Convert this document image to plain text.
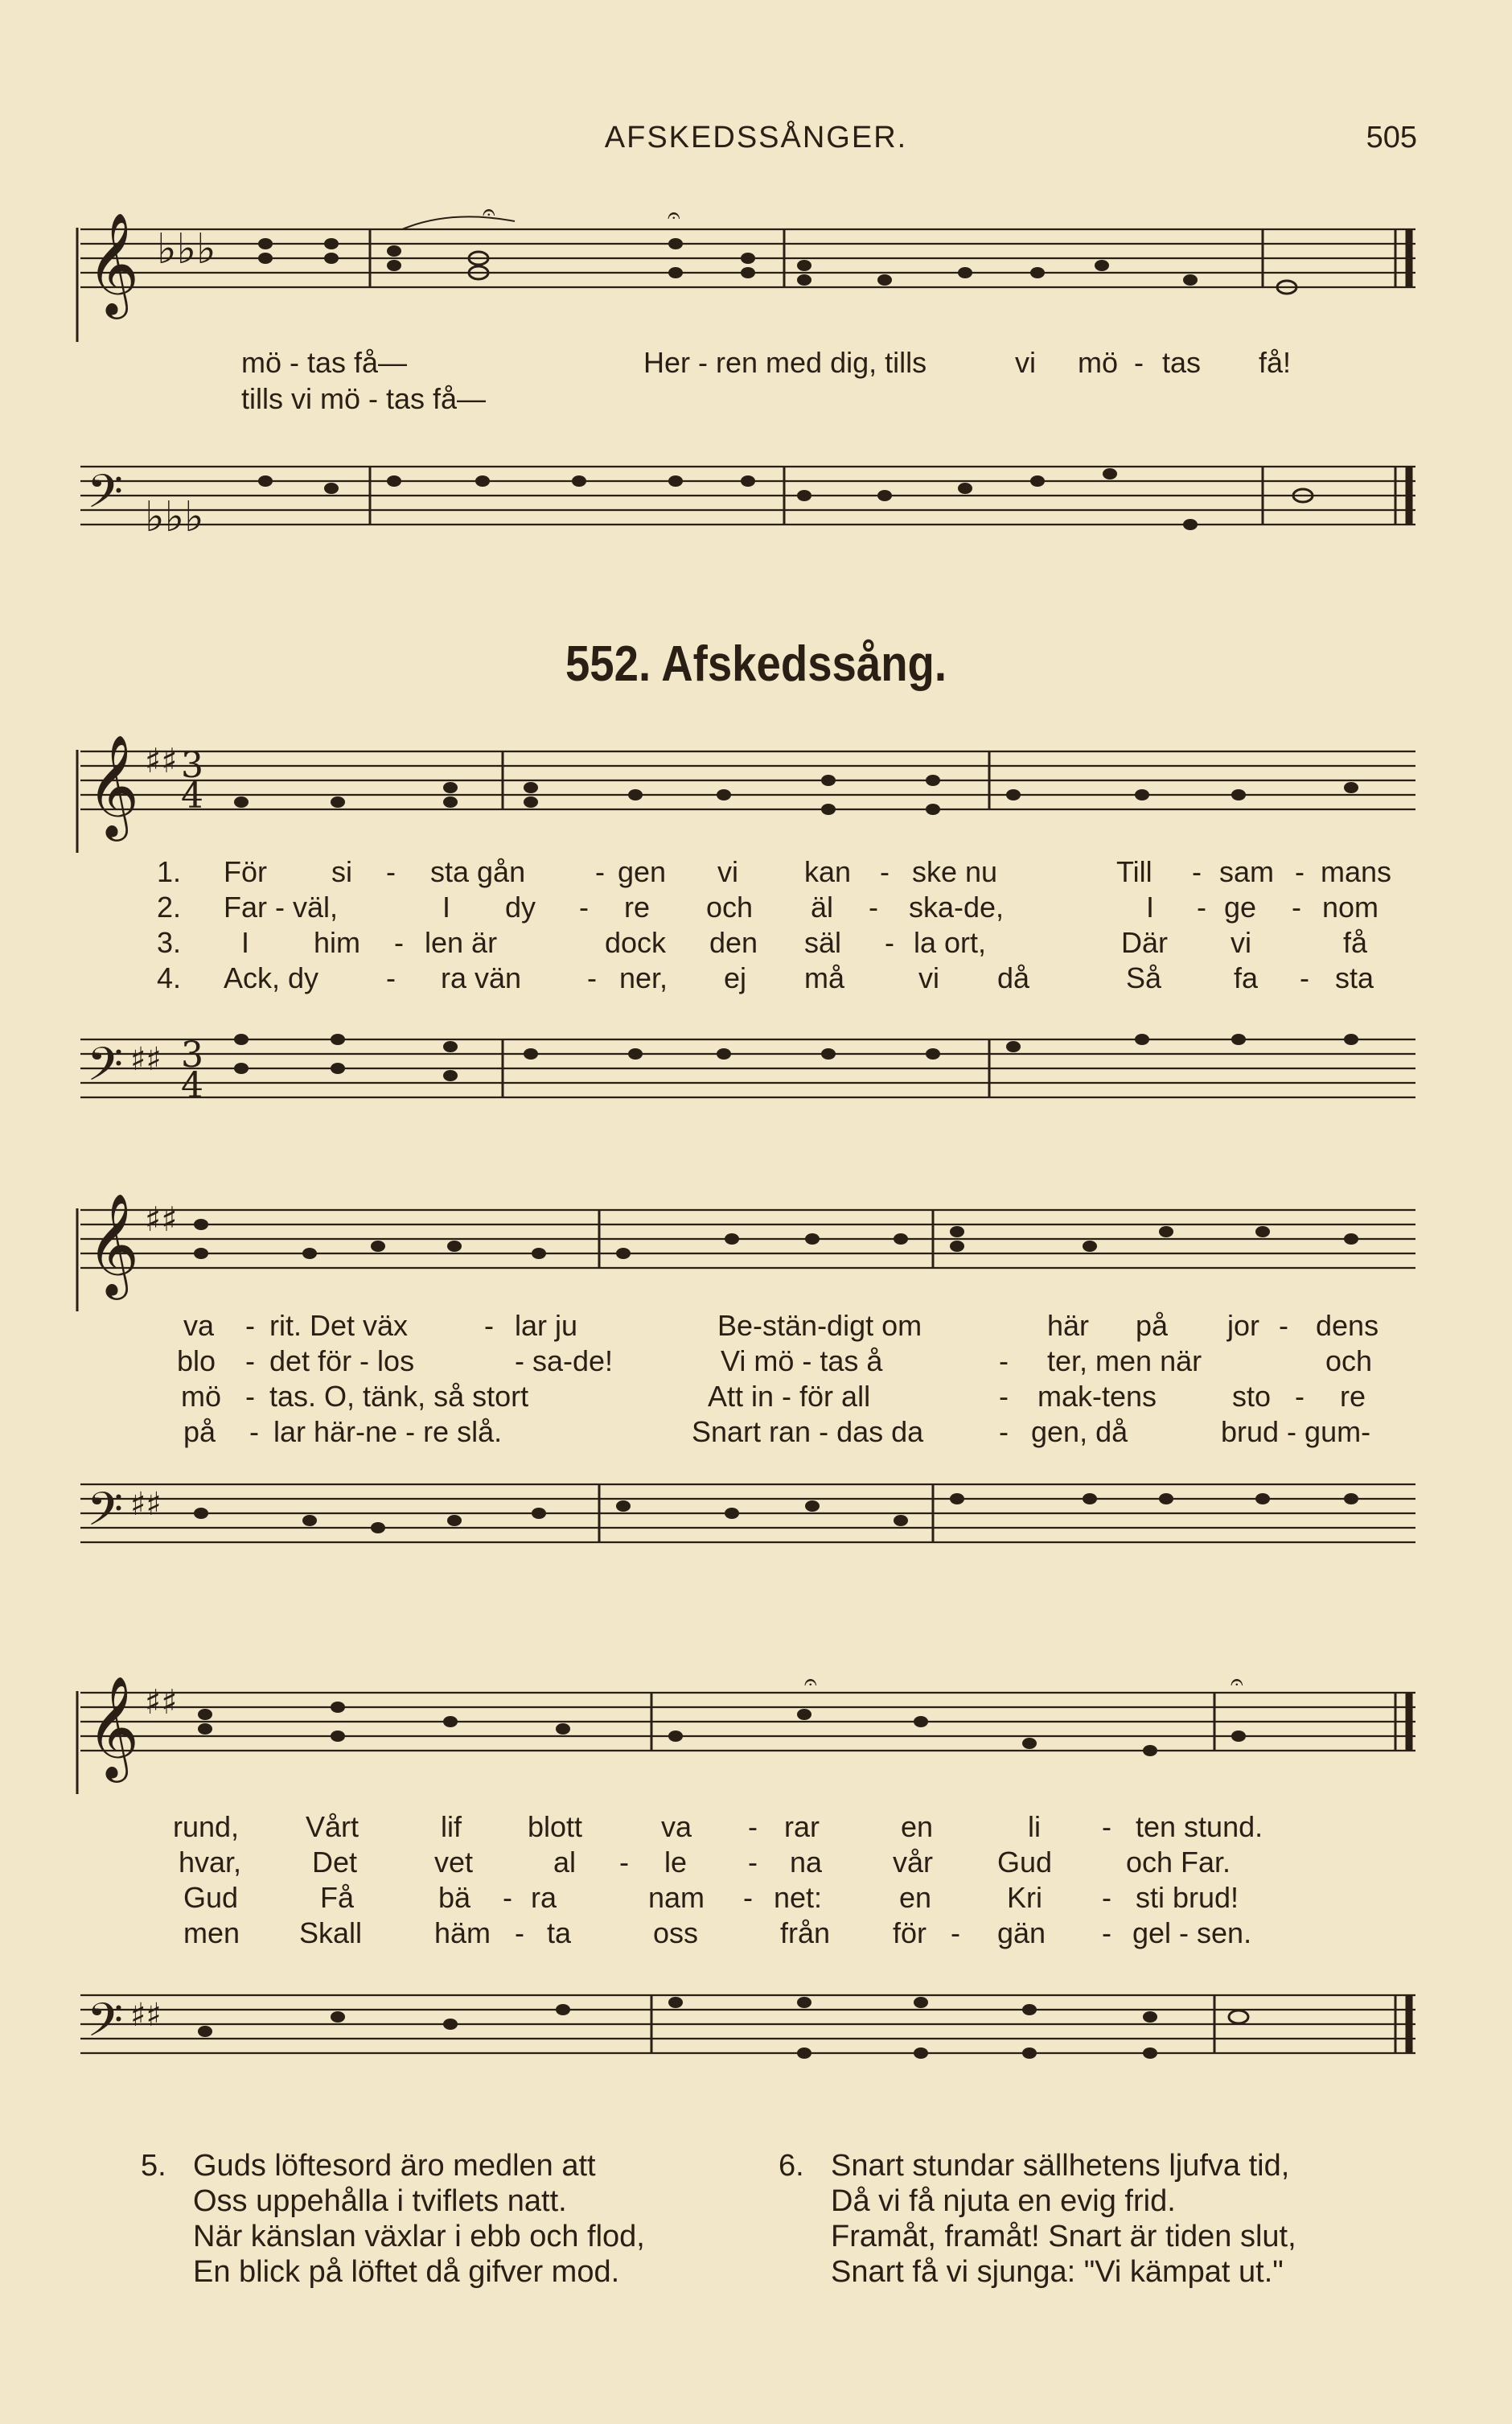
AFSKEDSSÅNGER.	505
𝄞 ♭♭♭
𝄐	𝄐
mö - tas få—	Her - ren med dig, tills	vi mö - tas få!
tills vi mö - tas få—
𝄢 ♭♭♭
552. Afskedssång.
𝄞 ♯♯ 3
4
1.
2.
3.
4.
För si - sta gån - gen vi kan - ske nu	Till - sam - mans
Far - väl,	I dy - re och äl - ska-de,	I - ge - nom
I him - len är	dock den säl - la ort,	Där vi	få
Ack, dy - ra vän - ner, ej må	vi då	Så fa - sta
𝄢 ♯♯ 3
4
𝄞 ♯♯
va - rit. Det väx	- lar ju	Be-stän-digt om	här på jor - dens
blo - det för - los	- sa-de!	Vi mö - tas å	- ter, men när	och
mö - tas. O, tänk, så stort	Att in - för all	- mak-tens	sto - re
på - lar här-ne - re slå.	Snart ran - das da	- gen, då	brud - gum-
𝄢 ♯♯
𝄞 ♯♯
𝄐	𝄐
rund, Vårt	lif blott	va - rar	en	li - ten stund.
hvar, Det	vet	al - le - na vår Gud	och Far.
Gud	Få	bä - ra	nam - net:	en	Kri - sti brud!
men Skall häm - ta	oss	från för - gän - gel - sen.
𝄢 ♯♯
5. Guds löftesord äro medlen att
Oss uppehålla i tviflets natt.
När känslan växlar i ebb och flod,
En blick på löftet då gifver mod.
6. Snart stundar sällhetens ljufva tid,
Då vi få njuta en evig frid.
Framåt, framåt! Snart är tiden slut,
Snart få vi sjunga: "Vi kämpat ut."
